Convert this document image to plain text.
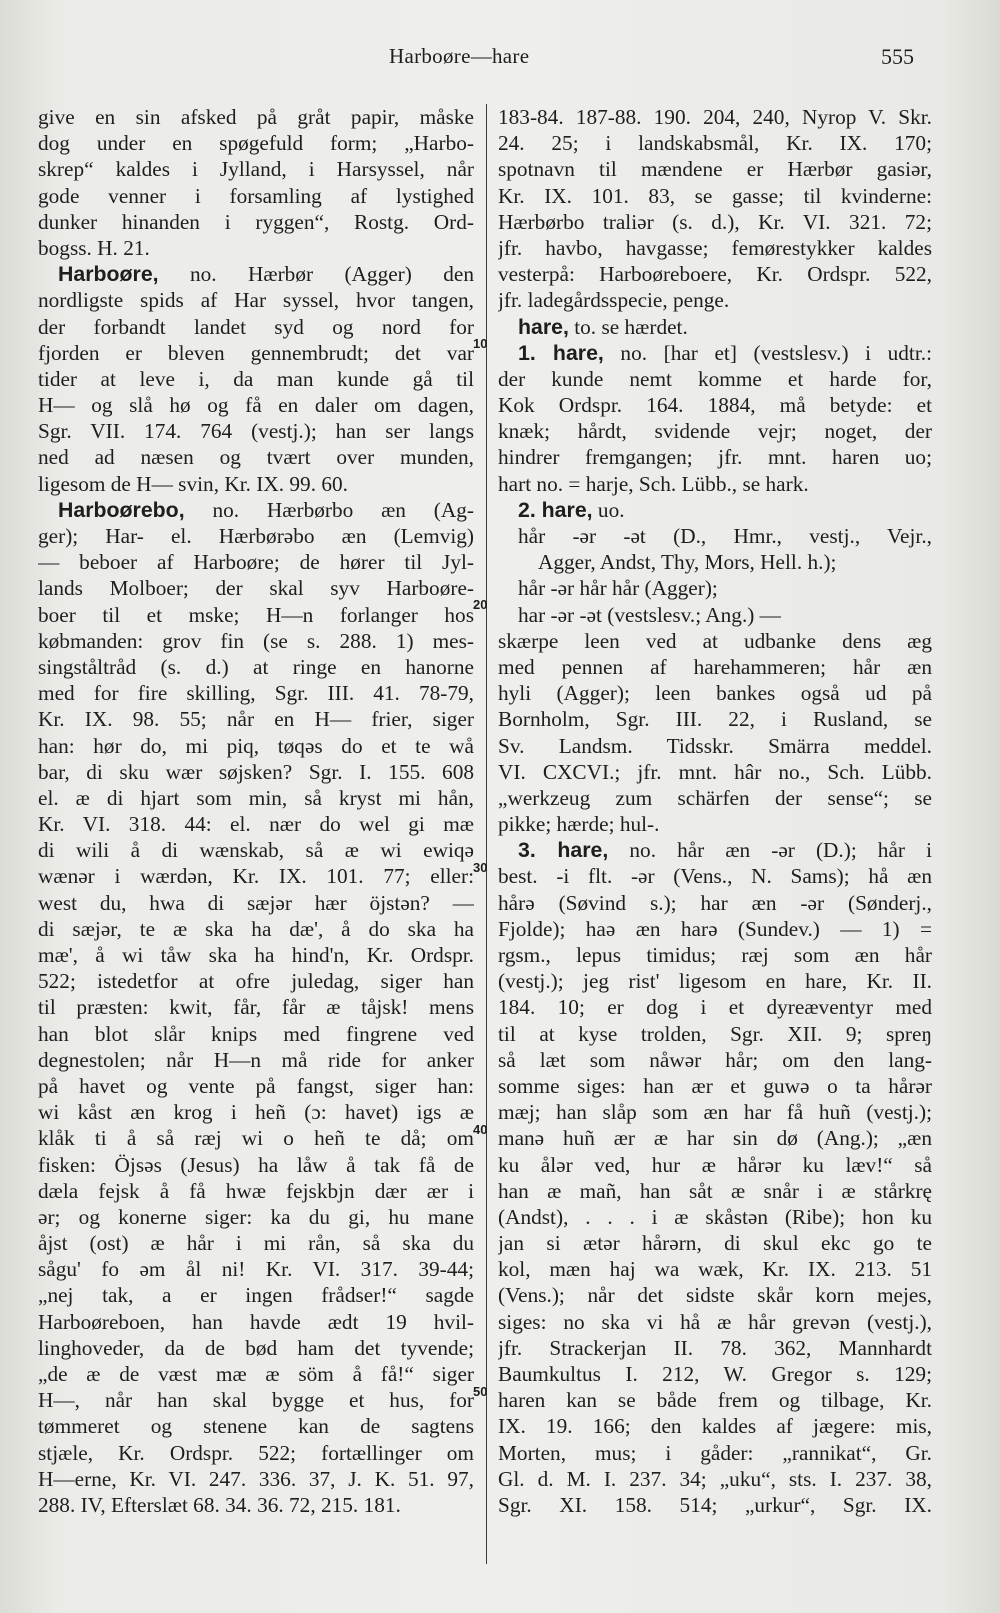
Harboøre—hare	555
give en sin afsked på gråt papir, måske
dog under en spøgefuld form; „Harbo-
skrep“ kaldes i Jylland, i Harsyssel, når
gode venner i forsamling af lystighed
dunker hinanden i ryggen“, Rostg. Ord-
bogss. H. 21.
Harboøre, no. Hærbør (Agger) den
nordligste spids af Har syssel, hvor tangen,
der forbandt landet syd og nord for
fjorden er bleven gennembrudt; det var
tider at leve i, da man kunde gå til
H— og slå hø og få en daler om dagen,
Sgr. VII. 174. 764 (vestj.); han ser langs
ned ad næsen og tvært over munden,
ligesom de H— svin, Kr. IX. 99. 60.
Harboørebo, no. Hærbørbo æn (Ag-
ger); Har- el. Hærbørəbo æn (Lemvig)
— beboer af Harboøre; de hører til Jyl-
lands Molboer; der skal syv Harboøre-
boer til et mske; H—n forlanger hos
købmanden: grov fin (se s. 288. 1) mes-
singståltråd (s. d.) at ringe en hanorne
med for fire skilling, Sgr. III. 41. 78-79,
Kr. IX. 98. 55; når en H— frier, siger
han: hør do, mi piq, tøqəs do et te wå
bar, di sku wær søjsken? Sgr. I. 155. 608
el. æ di hjart som min, så kryst mi hån,
Kr. VI. 318. 44: el. nær do wel gi mæ
di wili å di wænskab, så æ wi ewiqə
wænər i wærdən, Kr. IX. 101. 77; eller:
west du, hwa di sæjər hær öjstən? —
di sæjər, te æ ska ha dæ', å do ska ha
mæ', å wi tåw ska ha hind'n, Kr. Ordspr.
522; istedetfor at ofre juledag, siger han
til præsten: kwit, får, får æ tåjsk! mens
han blot slår knips med fingrene ved
degnestolen; når H—n må ride for anker
på havet og vente på fangst, siger han:
wi kåst æn krog i heñ (ɔ: havet) igs æ
klåk ti å så ræj wi o heñ te då; om
fisken: Öjsəs (Jesus) ha låw å tak få de
dæla fejsk å få hwæ fejskbjn dær ær i
ər; og konerne siger: ka du gi, hu mane
åjst (ost) æ hår i mi rån, så ska du
sågu' fo əm ål ni! Kr. VI. 317. 39-44;
„nej tak, a er ingen frådser!“ sagde
Harboøreboen, han havde ædt 19 hvil-
linghoveder, da de bød ham det tyvende;
„de æ de væst mæ æ söm å få!“ siger
H—, når han skal bygge et hus, for
tømmeret og stenene kan de sagtens
stjæle, Kr. Ordspr. 522; fortællinger om
H—erne, Kr. VI. 247. 336. 37, J. K. 51. 97,
288. IV, Efterslæt 68. 34. 36. 72, 215. 181.
10
20
30
40
50
183-84. 187-88. 190. 204, 240, Nyrop V. Skr.
24. 25; i landskabsmål, Kr. IX. 170;
spotnavn til mændene er Hærbør gasiər,
Kr. IX. 101. 83, se gasse; til kvinderne:
Hærbørbo traliər (s. d.), Kr. VI. 321. 72;
jfr. havbo, havgasse; femørestykker kaldes
vesterpå: Harboøreboere, Kr. Ordspr. 522,
jfr. ladegårdsspecie, penge.
hare, to. se hærdet.
1. hare, no. [har et] (vestslesv.) i udtr.:
der kunde nemt komme et harde for,
Kok Ordspr. 164. 1884, må betyde: et
knæk; hårdt, svidende vejr; noget, der
hindrer fremgangen; jfr. mnt. haren uo;
hart no. = harje, Sch. Lübb., se hark.
2. hare, uo.
hår -ər -ət (D., Hmr., vestj., Vejr.,
Agger, Andst, Thy, Mors, Hell. h.);
hår -ər hår hår (Agger);
har -ər -ət (vestslesv.; Ang.) —
skærpe leen ved at udbanke dens æg
med pennen af harehammeren; hår æn
hyli (Agger); leen bankes også ud på
Bornholm, Sgr. III. 22, i Rusland, se
Sv. Landsm. Tidsskr. Smärra meddel.
VI. CXCVI.; jfr. mnt. hâr no., Sch. Lübb.
„werkzeug zum schärfen der sense“; se
pikke; hærde; hul-.
3. hare, no. hår æn -ər (D.); hår i
best. -i flt. -ər (Vens., N. Sams); hå æn
hårə (Søvind s.); har æn -ər (Sønderj.,
Fjolde); haə æn harə (Sundev.) — 1) =
rgsm., lepus timidus; ræj som æn hår
(vestj.); jeg rist' ligesom en hare, Kr. II.
184. 10; er dog i et dyreæventyr med
til at kyse trolden, Sgr. XII. 9; spreŋ
så læt som nåwər hår; om den lang-
somme siges: han ær et guwə o ta hårər
mæj; han slåp som æn har få huñ (vestj.);
manə huñ ær æ har sin dø (Ang.); „æn
ku ålər ved, hur æ hårər ku læv!“ så
han æ mañ, han såt æ snår i æ stårkrę
(Andst), . . . i æ skåstən (Ribe); hon ku
jan si ætər hårərn, di skul ekc go te
kol, mæn haj wa wæk, Kr. IX. 213. 51
(Vens.); når det sidste skår korn mejes,
siges: no ska vi hå æ hår grevən (vestj.),
jfr. Strackerjan II. 78. 362, Mannhardt
Baumkultus I. 212, W. Gregor s. 129;
haren kan se både frem og tilbage, Kr.
IX. 19. 166; den kaldes af jægere: mis,
Morten, mus; i gåder: „rannikat“, Gr.
Gl. d. M. I. 237. 34; „uku“, sts. I. 237. 38,
Sgr. XI. 158. 514; „urkur“, Sgr. IX.
